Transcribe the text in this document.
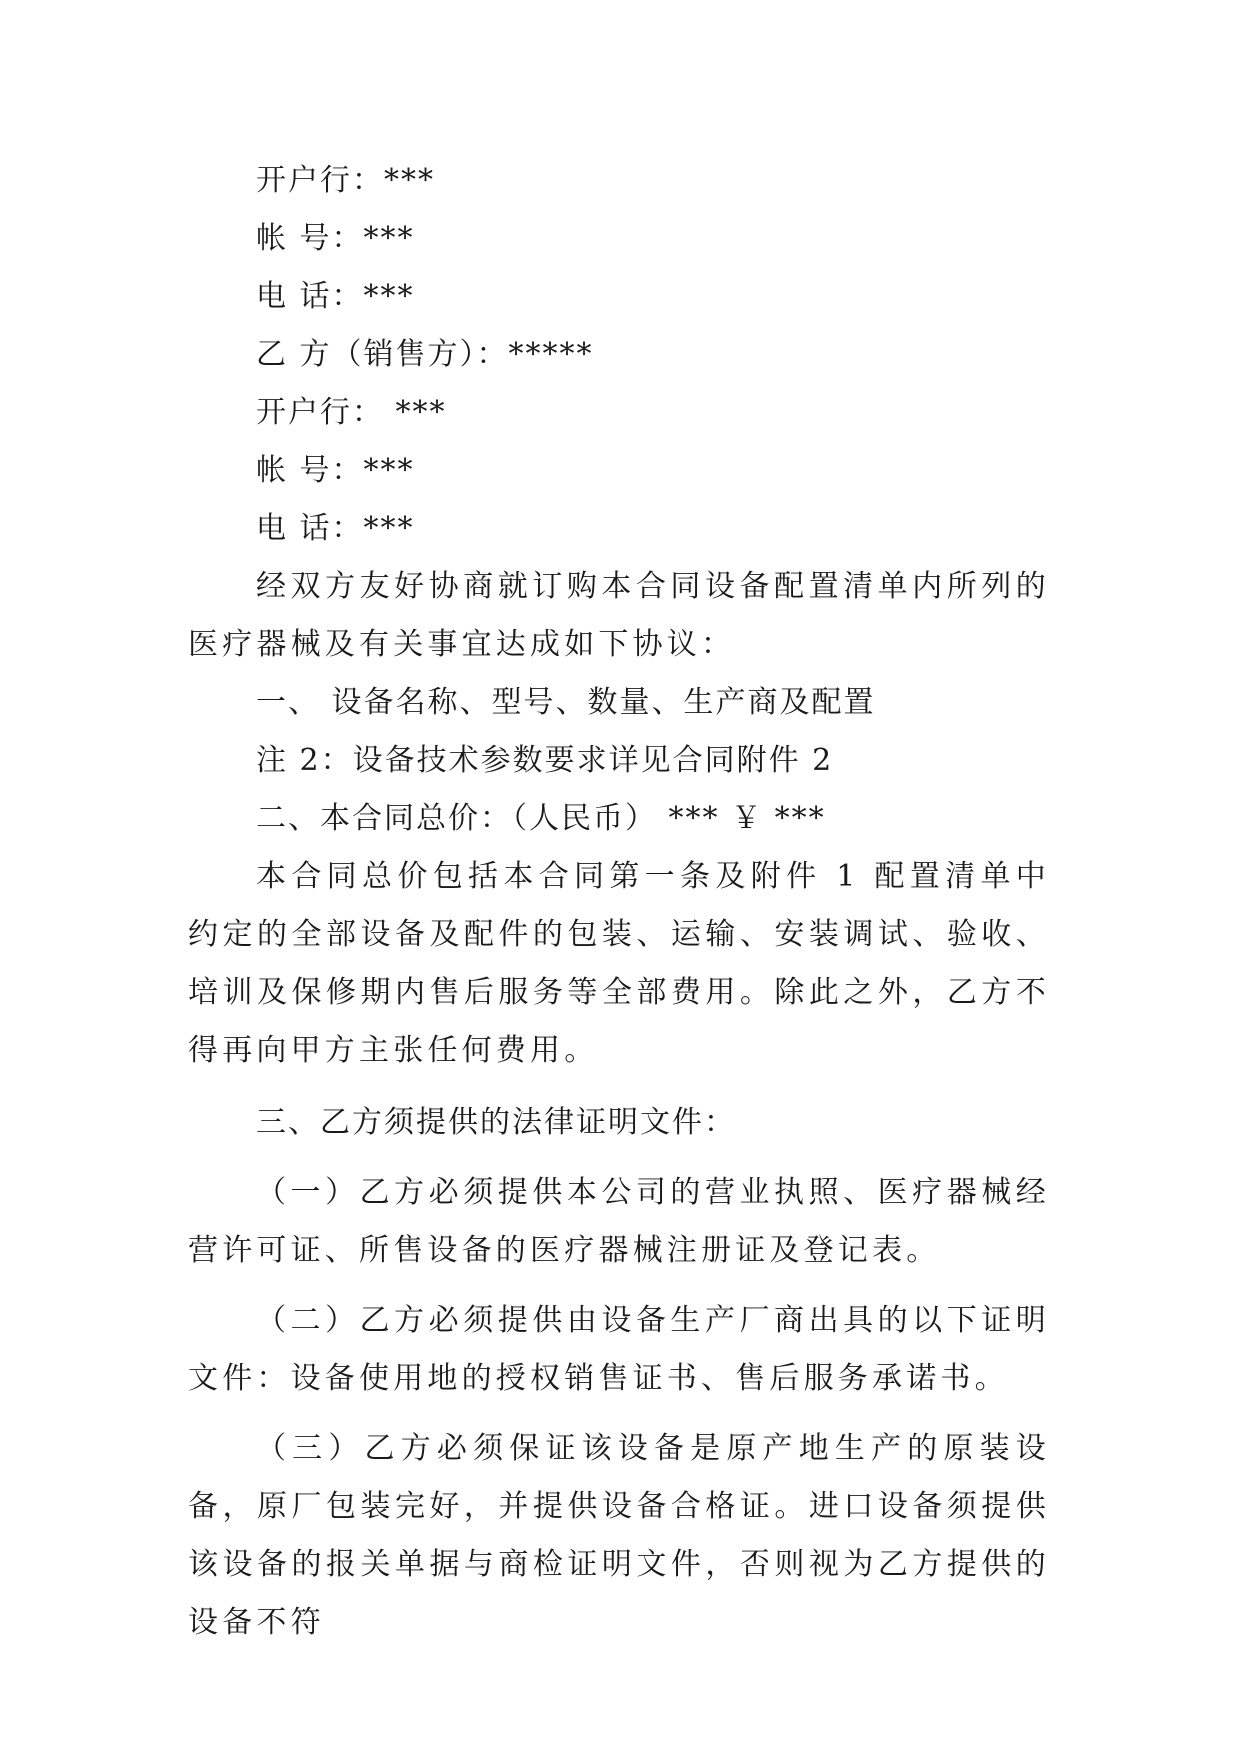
开户行：***
帐 号：***
电 话：***
乙 方（销售方）：*****
开户行： ***
帐 号：***
电 话：***

经双方友好协商就订购本合同设备配置清单内所列的医疗器械及有关事宜达成如下协议：

一、 设备名称、型号、数量、生产商及配置
注 2：设备技术参数要求详见合同附件 2
二、本合同总价：（人民币） *** ￥ ***

本合同总价包括本合同第一条及附件 1 配置清单中约定的全部设备及配件的包装、运输、安装调试、验收、培训及保修期内售后服务等全部费用。除此之外，乙方不得再向甲方主张任何费用。

三、乙方须提供的法律证明文件：

（一）乙方必须提供本公司的营业执照、医疗器械经营许可证、所售设备的医疗器械注册证及登记表。

（二）乙方必须提供由设备生产厂商出具的以下证明文件：设备使用地的授权销售证书、售后服务承诺书。

（三）乙方必须保证该设备是原产地生产的原装设备，原厂包装完好，并提供设备合格证。进口设备须提供该设备的报关单据与商检证明文件，否则视为乙方提供的设备不符
